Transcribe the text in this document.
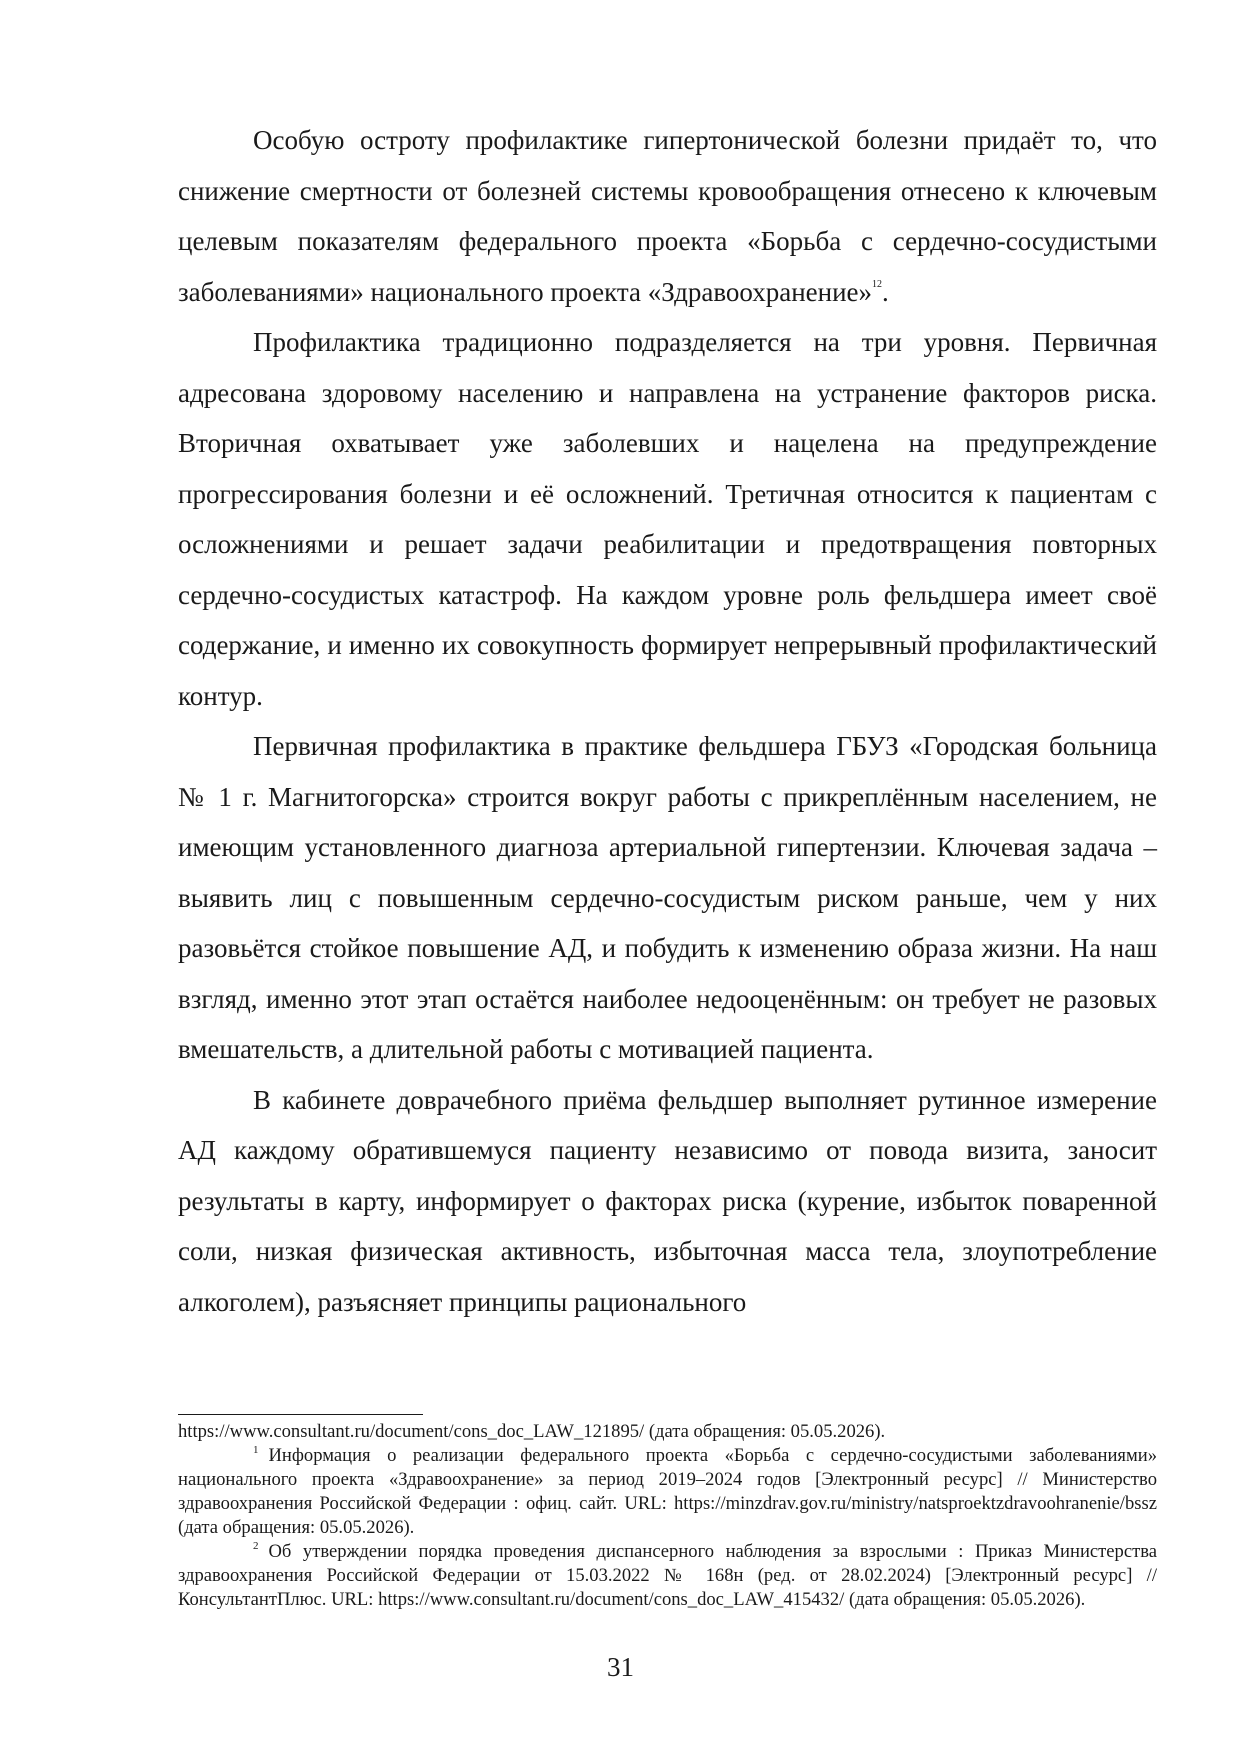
Особую остроту профилактике гипертонической болезни придаёт то, что снижение смертности от болезней системы кровообращения отнесено к ключевым целевым показателям федерального проекта «Борьба с сердечно-сосудистыми заболеваниями» национального проекта «Здравоохранение»$^{12}$.

Профилактика традиционно подразделяется на три уровня. Первичная адресована здоровому населению и направлена на устранение факторов риска. Вторичная охватывает уже заболевших и нацелена на предупреждение прогрессирования болезни и её осложнений. Третичная относится к пациентам с осложнениями и решает задачи реабилитации и предотвращения повторных сердечно-сосудистых катастроф. На каждом уровне роль фельдшера имеет своё содержание, и именно их совокупность формирует непрерывный профилактический контур.

Первичная профилактика в практике фельдшера ГБУЗ «Городская больница № 1 г. Магнитогорска» строится вокруг работы с прикреплённым населением, не имеющим установленного диагноза артериальной гипертензии. Ключевая задача – выявить лиц с повышенным сердечно-сосудистым риском раньше, чем у них разовьётся стойкое повышение АД, и побудить к изменению образа жизни. На наш взгляд, именно этот этап остаётся наиболее недооценённым: он требует не разовых вмешательств, а длительной работы с мотивацией пациента.

В кабинете доврачебного приёма фельдшер выполняет рутинное измерение АД каждому обратившемуся пациенту независимо от повода визита, заносит результаты в карту, информирует о факторах риска (курение, избыток поваренной соли, низкая физическая активность, избыточная масса тела, злоупотребление алкоголем), разъясняет принципы рационального

https://www.consultant.ru/document/cons_doc_LAW_121895/ (дата обращения: 05.05.2026).

$^1$ Информация о реализации федерального проекта «Борьба с сердечно-сосудистыми заболеваниями» национального проекта «Здравоохранение» за период 2019–2024 годов [Электронный ресурс] // Министерство здравоохранения Российской Федерации : офиц. сайт. URL: https://minzdrav.gov.ru/ministry/natsproektzdravoohranenie/bssz (дата обращения: 05.05.2026).

$^2$ Об утверждении порядка проведения диспансерного наблюдения за взрослыми : Приказ Министерства здравоохранения Российской Федерации от 15.03.2022 № 168н (ред. от 28.02.2024) [Электронный ресурс] // КонсультантПлюс. URL: https://www.consultant.ru/document/cons_doc_LAW_415432/ (дата обращения: 05.05.2026).

31
